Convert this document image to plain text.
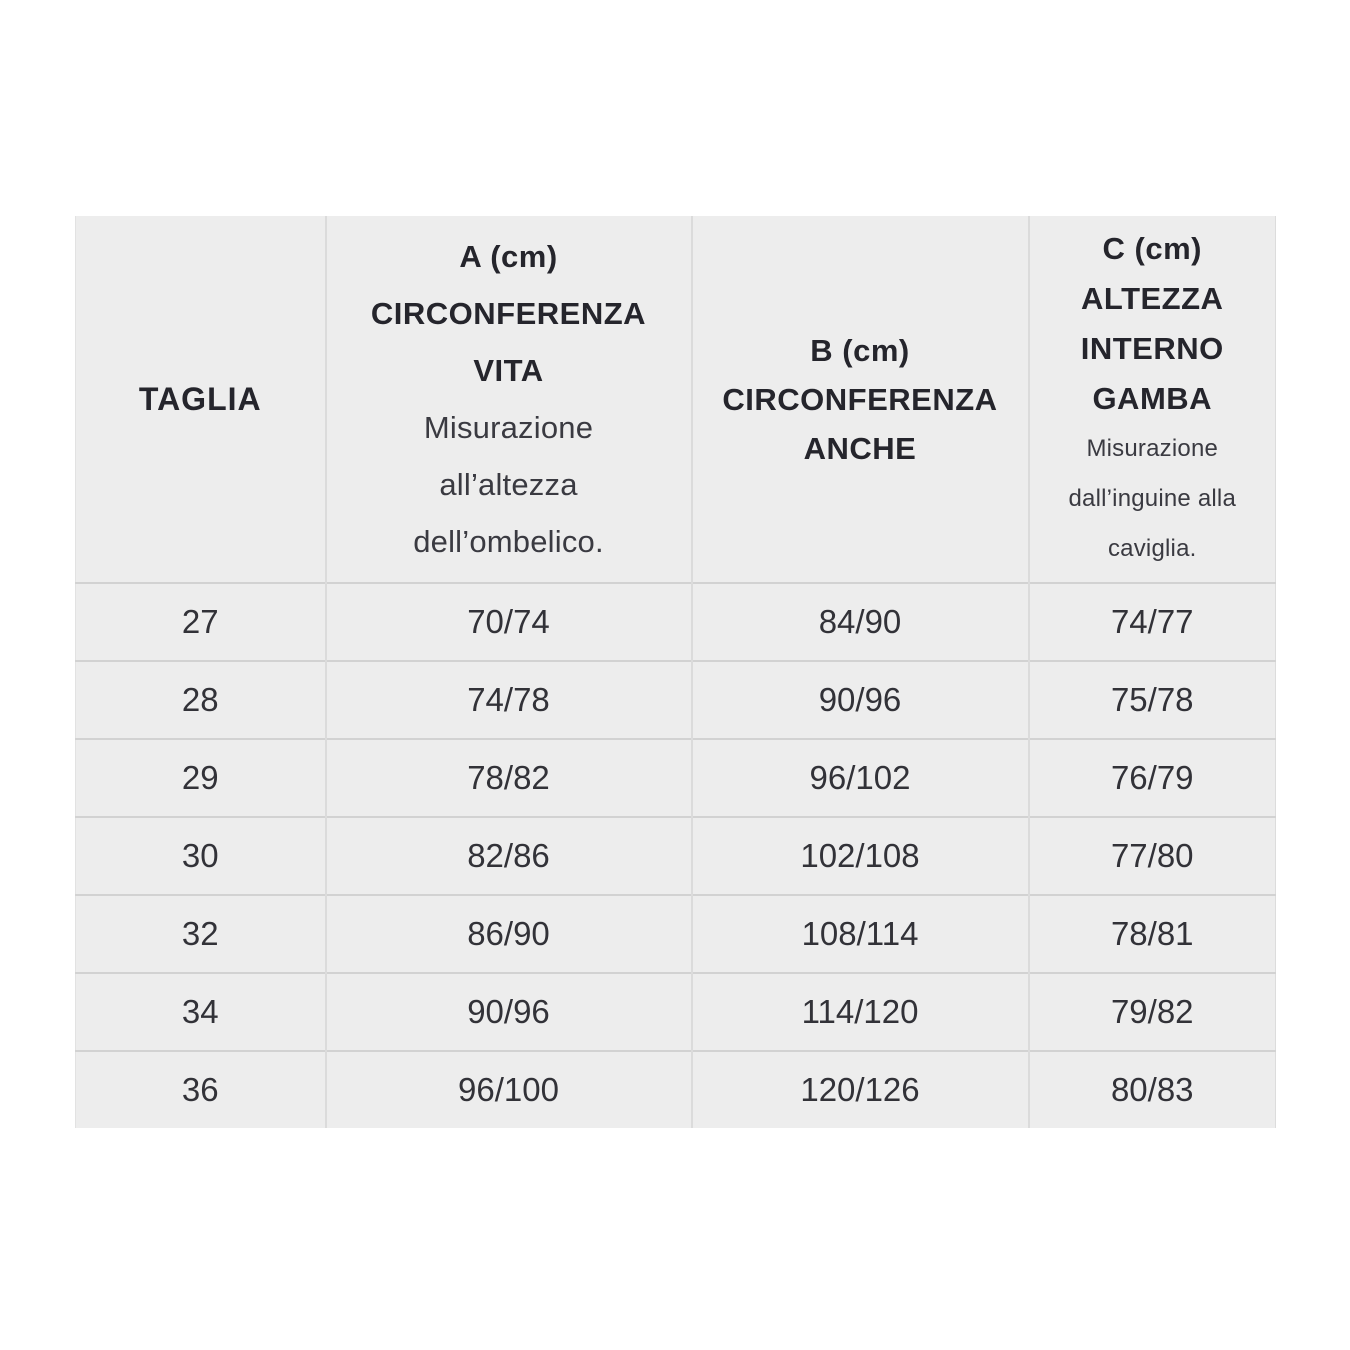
TAGLIA

A (cm)
CIRCONFERENZA
VITA
Misurazione
all’altezza
dell’ombelico.

B (cm)
CIRCONFERENZA
ANCHE

C (cm)
ALTEZZA
INTERNO
GAMBA
Misurazione
dall’inguine alla
caviglia.

27	70/74	84/90	74/77
28	74/78	90/96	75/78
29	78/82	96/102	76/79
30	82/86	102/108	77/80
32	86/90	108/114	78/81
34	90/96	114/120	79/82
36	96/100	120/126	80/83
